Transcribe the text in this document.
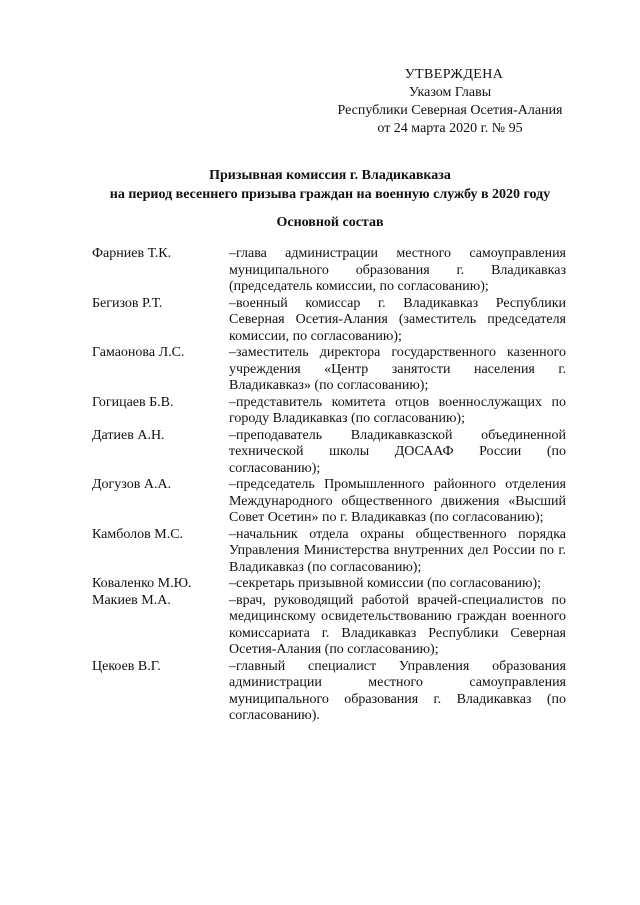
УТВЕРЖДЕНА
Указом Главы
Республики Северная Осетия-Алания
от 24 марта 2020 г. № 95
Призывная комиссия г. Владикавказа
на период весеннего призыва граждан на военную службу в 2020 году
Основной состав
Фарниев Т.К.	–глава администрации местного самоуправления муниципального образования г. Владикавказ (председатель комиссии, по согласованию);
Бегизов Р.Т.	–военный комиссар г. Владикавказ Республики Северная Осетия-Алания (заместитель председателя комиссии, по согласованию);
Гамаонова Л.С.	–заместитель директора государственного казенного учреждения «Центр занятости населения г. Владикавказ» (по согласованию);
Гогицаев Б.В.	–представитель комитета отцов военнослужащих по городу Владикавказ (по согласованию);
Датиев А.Н.	–преподаватель Владикавказской объединенной технической школы ДОСААФ России (по согласованию);
Догузов А.А.	–председатель Промышленного районного отделения Международного общественного движения «Высший Совет Осетин» по г. Владикавказ (по согласованию);
Камболов М.С.	–начальник отдела охраны общественного порядка Управления Министерства внутренних дел России по г. Владикавказ (по согласованию);
Коваленко М.Ю.	–секретарь призывной комиссии (по согласованию);
Макиев М.А.	–врач, руководящий работой врачей-специалистов по медицинскому освидетельствованию граждан военного комиссариата г. Владикавказ Республики Северная Осетия-Алания (по согласованию);
Цекоев В.Г.	–главный специалист Управления образования администрации местного самоуправления муниципального образования г. Владикавказ (по согласованию).
